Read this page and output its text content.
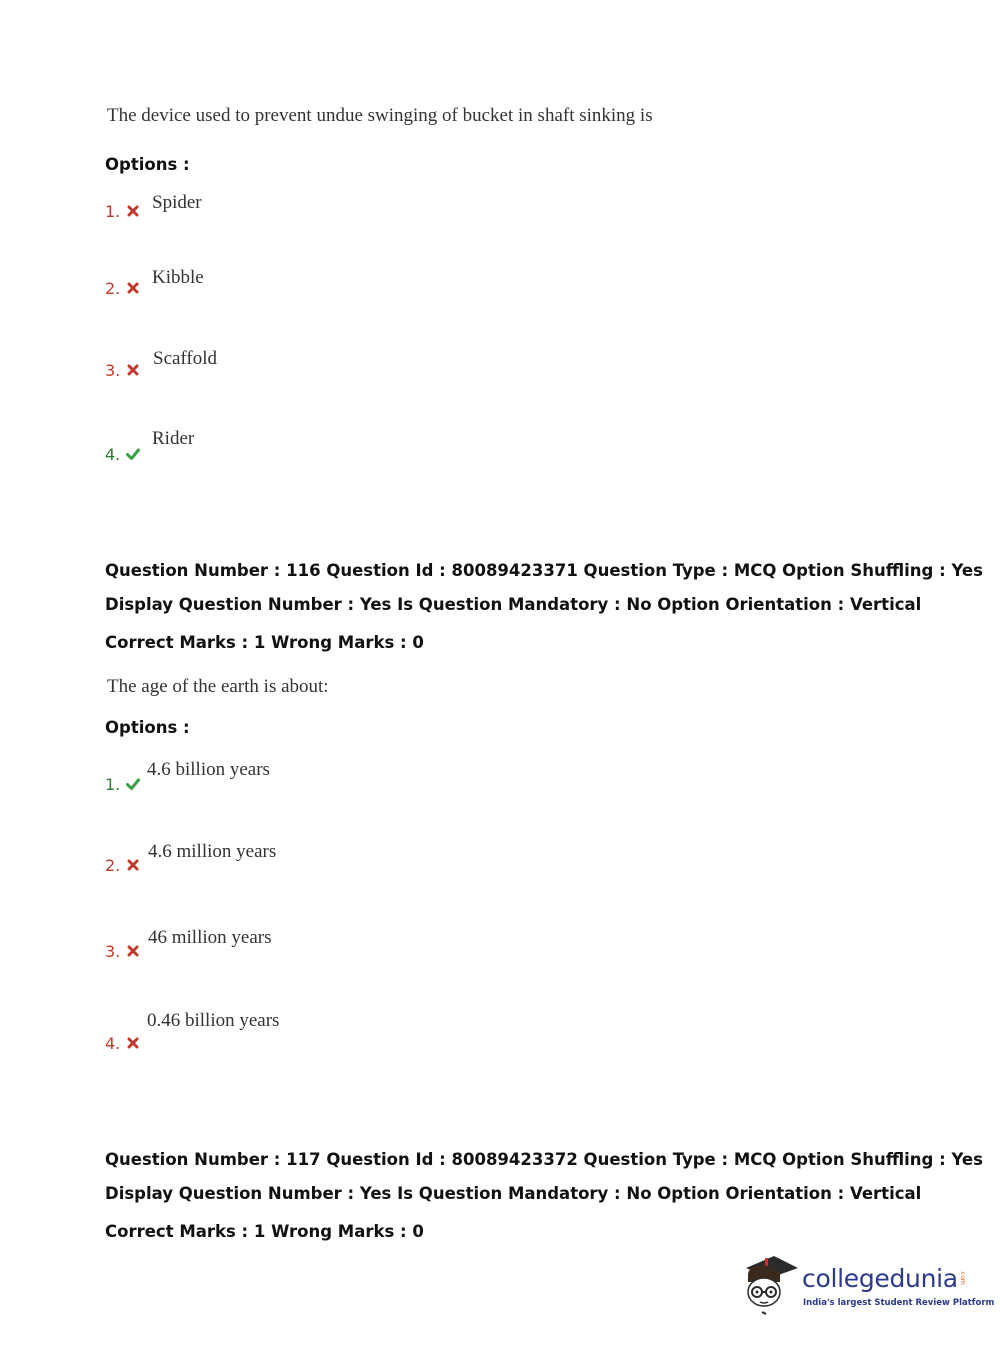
The device used to prevent undue swinging of bucket in shaft sinking is
Options :
1.	Spider
2.
Kibble
3.
Scaffold
4.
Rider
Question Number : 116 Question Id : 80089423371 Question Type : MCQ Option Shuffling : Yes
Display Question Number : Yes Is Question Mandatory : No Option Orientation : Vertical
Correct Marks : 1 Wrong Marks : 0
The age of the earth is about:
Options :
1.
4.6 billion years
2.
4.6 million years
3.
46 million years
4.
0.46 billion years
Question Number : 117 Question Id : 80089423372 Question Type : MCQ Option Shuffling : Yes
Display Question Number : Yes Is Question Mandatory : No Option Orientation : Vertical
Correct Marks : 1 Wrong Marks : 0
collegedunia .com
India's largest Student Review Platform
